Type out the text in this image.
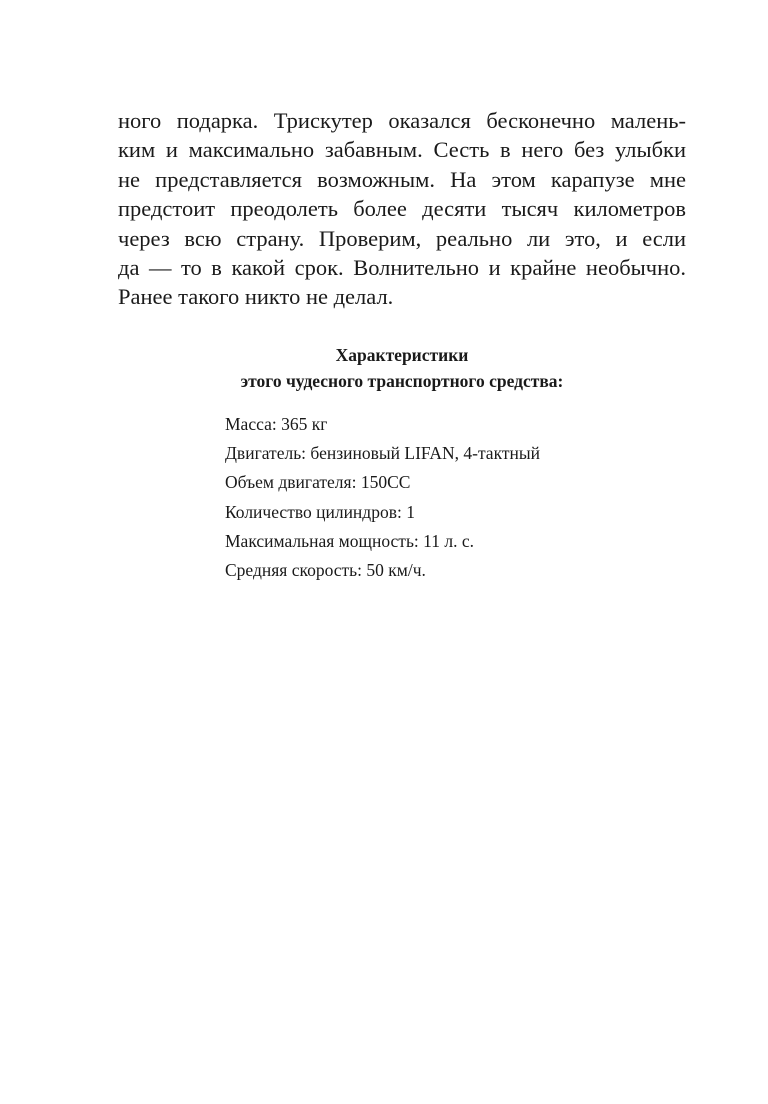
ного подарка. Трискутер оказался бесконечно малень-
ким и максимально забавным. Сесть в него без улыбки
не представляется возможным. На этом карапузе мне
предстоит преодолеть более десяти тысяч километров
через всю страну. Проверим, реально ли это, и если
да — то в какой срок. Волнительно и крайне необычно.
Ранее такого никто не делал.
Характеристики
этого чудесного транспортного средства:
Масса: 365 кг
Двигатель: бензиновый LIFAN, 4-тактный
Объем двигателя: 150CC
Количество цилиндров: 1
Максимальная мощность: 11 л. с.
Средняя скорость: 50 км/ч.
